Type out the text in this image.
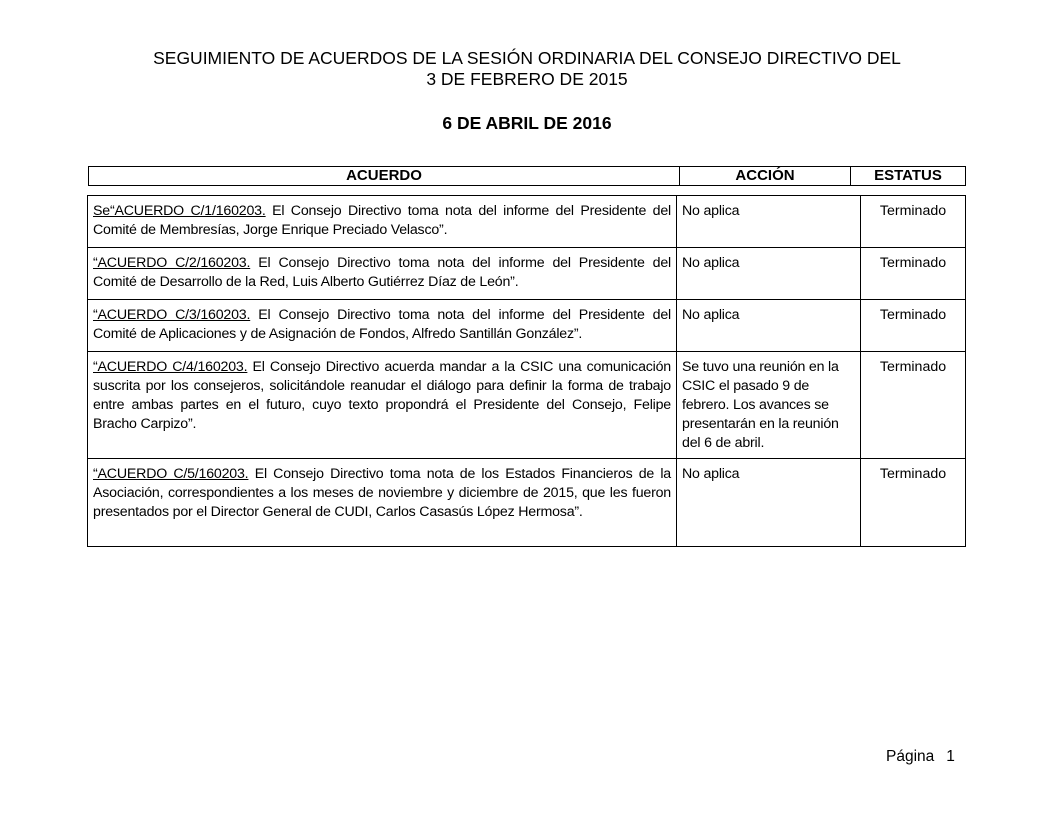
SEGUIMIENTO DE ACUERDOS DE LA SESIÓN ORDINARIA DEL CONSEJO DIRECTIVO DEL
3 DE FEBRERO DE 2015
6 DE ABRIL DE 2016
ACUERDO	ACCIÓN	ESTATUS
Se“ACUERDO C/1/160203. El Consejo Directivo toma nota del informe del Presidente del Comité de Membresías, Jorge Enrique Preciado Velasco”.	No aplica	Terminado
“ACUERDO C/2/160203. El Consejo Directivo toma nota del informe del Presidente del Comité de Desarrollo de la Red, Luis Alberto Gutiérrez Díaz de León”.	No aplica	Terminado
“ACUERDO C/3/160203. El Consejo Directivo toma nota del informe del Presidente del Comité de Aplicaciones y de Asignación de Fondos, Alfredo Santillán González”.	No aplica	Terminado
“ACUERDO C/4/160203. El Consejo Directivo acuerda mandar a la CSIC una comunicación suscrita por los consejeros, solicitándole reanudar el diálogo para definir la forma de trabajo entre ambas partes en el futuro, cuyo texto propondrá el Presidente del Consejo, Felipe Bracho Carpizo”.	Se tuvo una reunión en la CSIC el pasado 9 de febrero. Los avances se presentarán en la reunión del 6 de abril.	Terminado
“ACUERDO C/5/160203. El Consejo Directivo toma nota de los Estados Financieros de la Asociación, correspondientes a los meses de noviembre y diciembre de 2015, que les fueron presentados por el Director General de CUDI, Carlos Casasús López Hermosa”.	No aplica	Terminado
Página 1
